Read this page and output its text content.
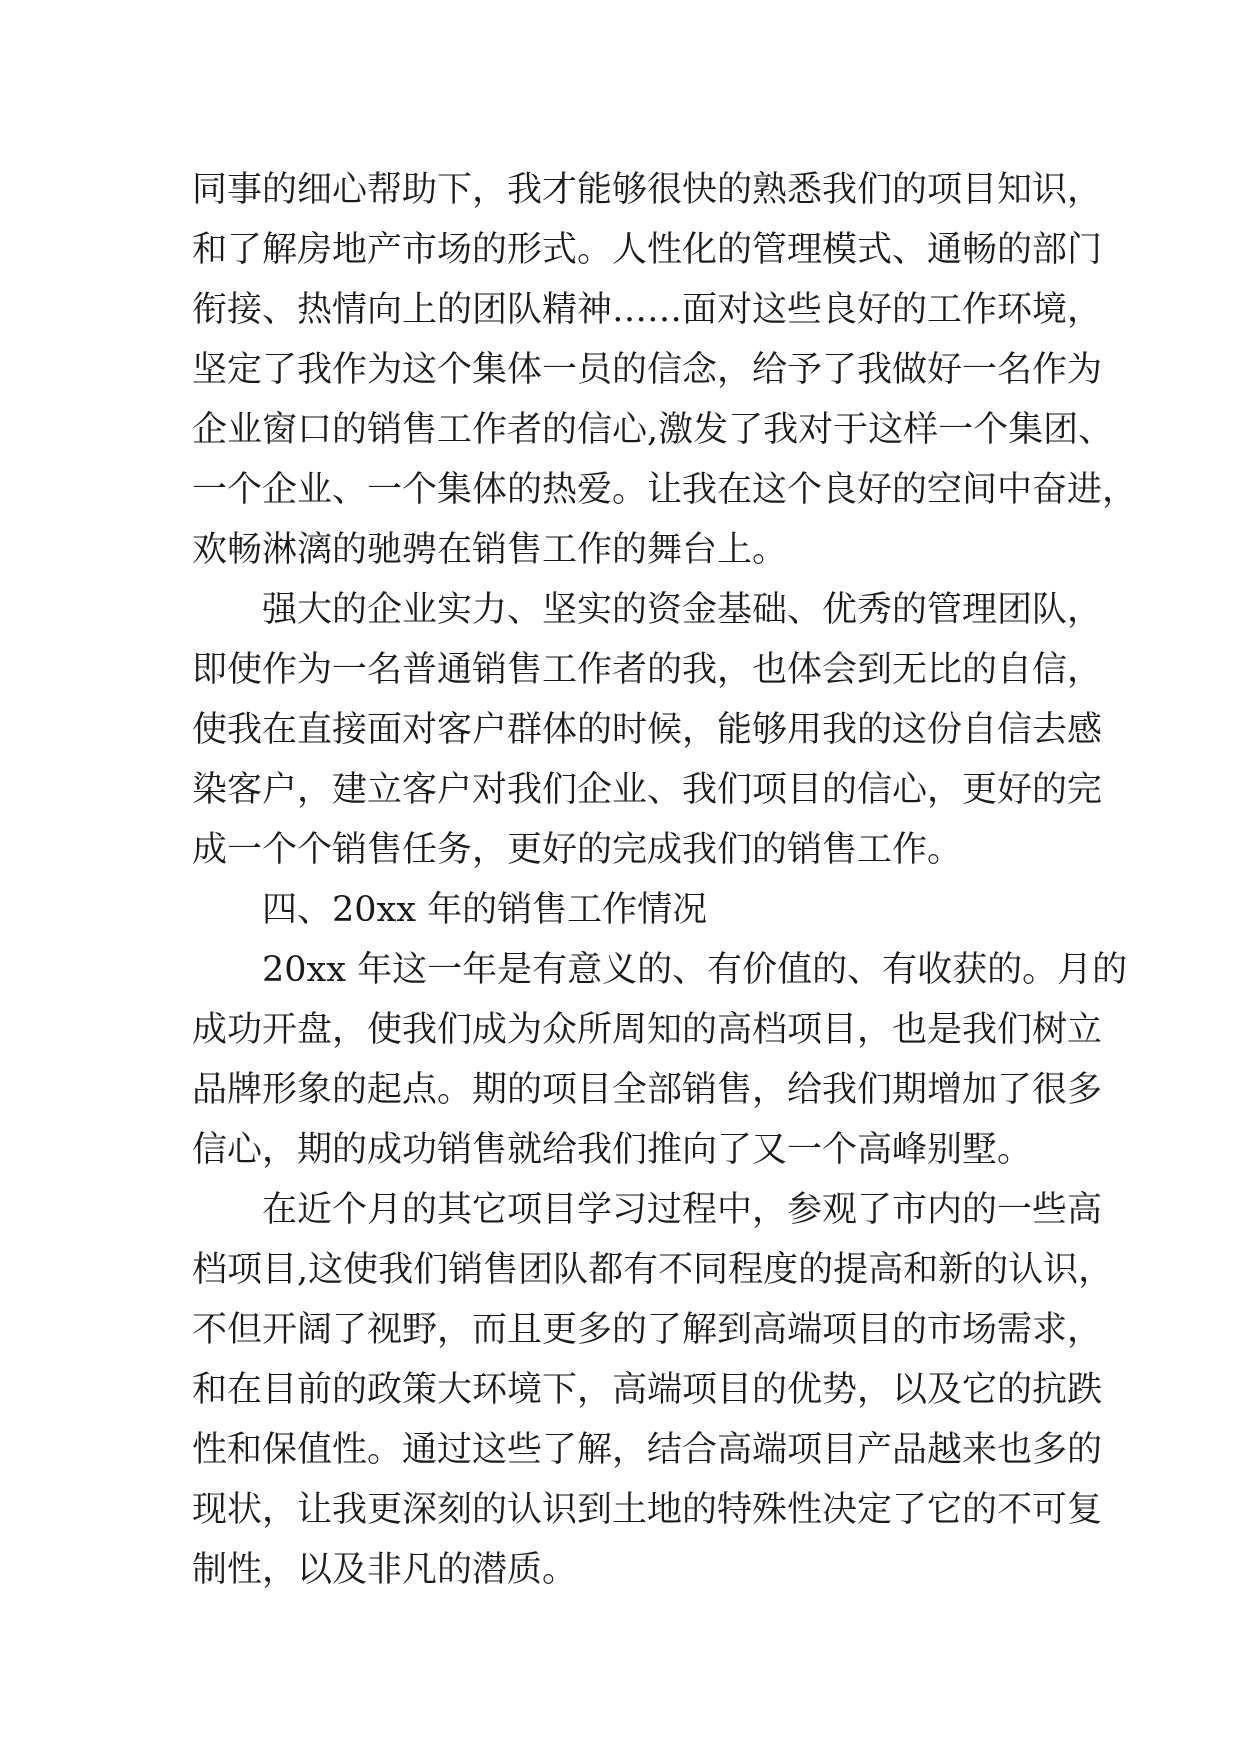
同事的细心帮助下，我才能够很快的熟悉我们的项目知识，
和了解房地产市场的形式。人性化的管理模式、通畅的部门
衔接、热情向上的团队精神……面对这些良好的工作环境，
坚定了我作为这个集体一员的信念，给予了我做好一名作为
企业窗口的销售工作者的信心,激发了我对于这样一个集团、
一个企业、一个集体的热爱。让我在这个良好的空间中奋进，
欢畅淋漓的驰骋在销售工作的舞台上。
强大的企业实力、坚实的资金基础、优秀的管理团队，
即使作为一名普通销售工作者的我，也体会到无比的自信，
使我在直接面对客户群体的时候，能够用我的这份自信去感
染客户，建立客户对我们企业、我们项目的信心，更好的完
成一个个销售任务，更好的完成我们的销售工作。
四、20xx 年的销售工作情况
20xx 年这一年是有意义的、有价值的、有收获的。月的
成功开盘，使我们成为众所周知的高档项目，也是我们树立
品牌形象的起点。期的项目全部销售，给我们期增加了很多
信心，期的成功销售就给我们推向了又一个高峰别墅。
在近个月的其它项目学习过程中，参观了市内的一些高
档项目,这使我们销售团队都有不同程度的提高和新的认识，
不但开阔了视野，而且更多的了解到高端项目的市场需求，
和在目前的政策大环境下，高端项目的优势，以及它的抗跌
性和保值性。通过这些了解，结合高端项目产品越来也多的
现状，让我更深刻的认识到土地的特殊性决定了它的不可复
制性，以及非凡的潜质。
